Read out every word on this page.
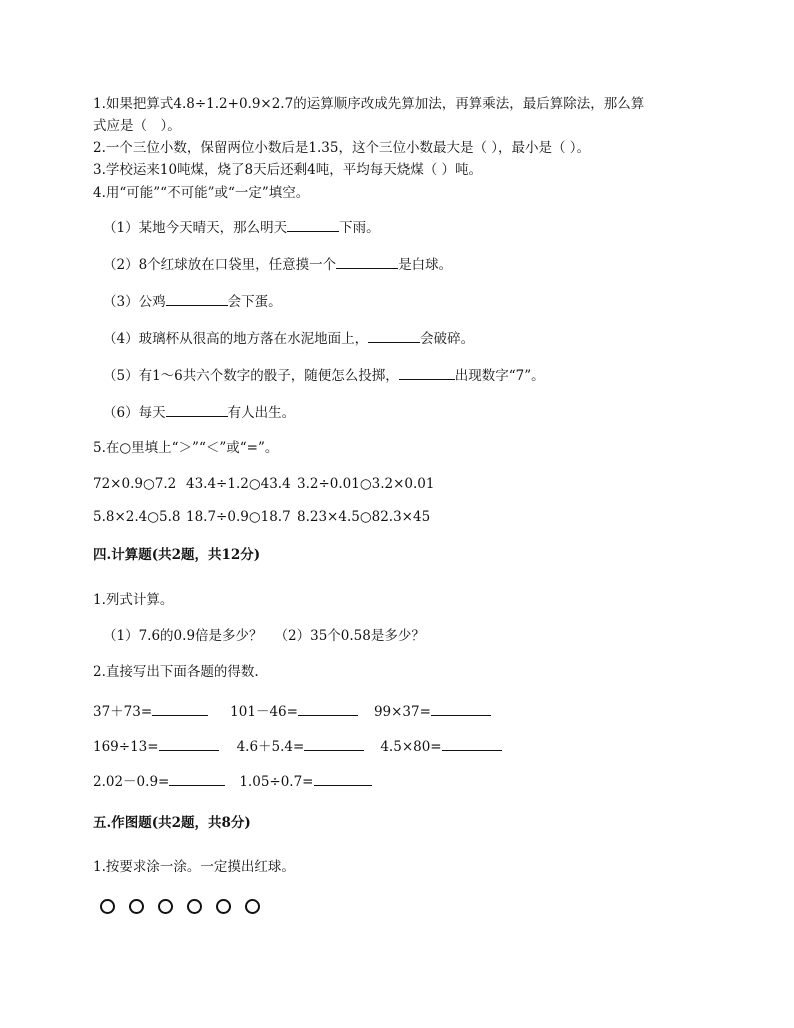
1.如果把算式4.8÷1.2+0.9×2.7的运算顺序改成先算加法，再算乘法，最后算除法，那么算
式应是（　）。
2.一个三位小数，保留两位小数后是1.35，这个三位小数最大是（ ），最小是（ ）。
3.学校运来10吨煤，烧了8天后还剩4吨，平均每天烧煤（ ）吨。
4.用“可能”“不可能”或“一定”填空。
（1）某地今天晴天，那么明天	下雨。
（2）8个红球放在口袋里，任意摸一个	是白球。
（3）公鸡	会下蛋。
（4）玻璃杯从很高的地方落在水泥地面上，	会破碎。
（5）有1～6共六个数字的骰子，随便怎么投掷，	出现数字“7”。
（6）每天	有人出生。
5.在○里填上“＞”“＜”或“=”。
72×0.9○7.2 43.4÷1.2○43.4 3.2÷0.01○3.2×0.01
5.8×2.4○5.8 18.7÷0.9○18.7 8.23×4.5○82.3×45
四.计算题(共2题，共12分)
1.列式计算。
（1）7.6的0.9倍是多少？ （2）35个0.58是多少？
2.直接写出下面各题的得数.
37＋73=	101－46=	99×37=
169÷13=	4.6＋5.4=	4.5×80=
2.02－0.9=	1.05÷0.7=
五.作图题(共2题，共8分)
1.按要求涂一涂。一定摸出红球。
